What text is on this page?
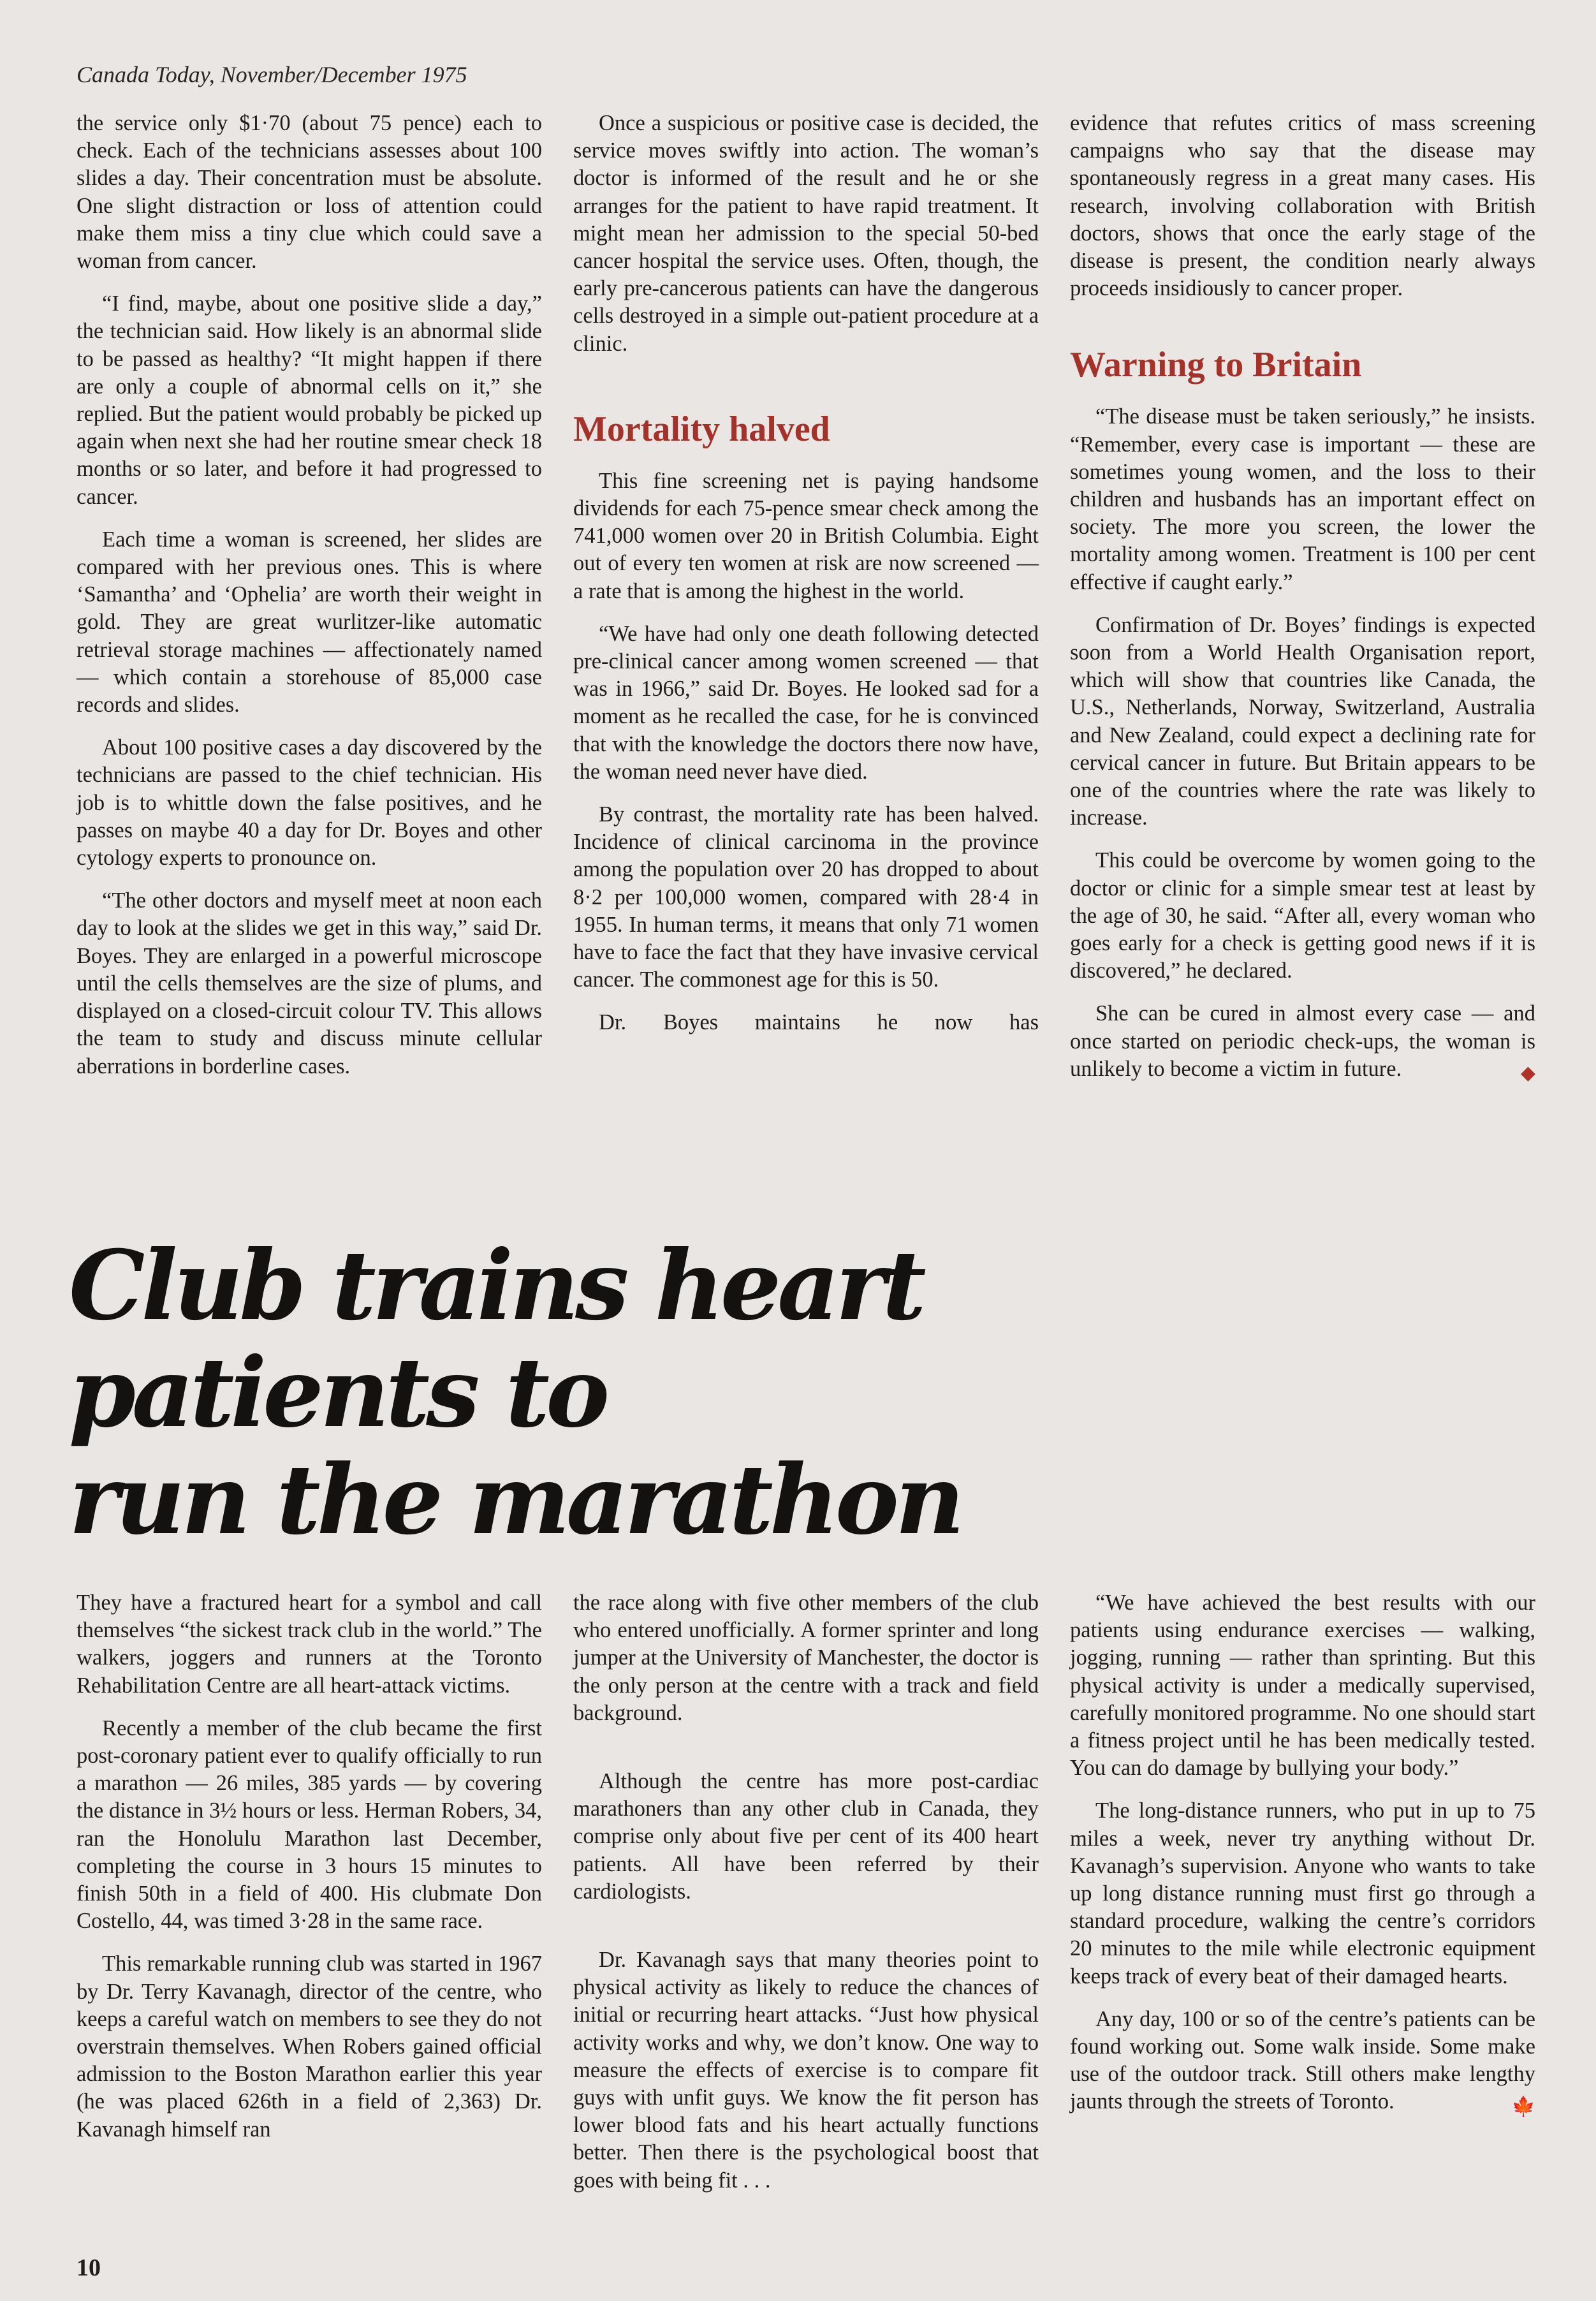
Canada Today, November/December 1975

the service only $1·70 (about 75 pence) each to check. Each of the technicians assesses about 100 slides a day. Their concentration must be absolute. One slight distraction or loss of attention could make them miss a tiny clue which could save a woman from cancer.

“I find, maybe, about one positive slide a day,” the technician said. How likely is an abnormal slide to be passed as healthy? “It might happen if there are only a couple of abnormal cells on it,” she replied. But the patient would probably be picked up again when next she had her routine smear check 18 months or so later, and before it had progressed to cancer.

Each time a woman is screened, her slides are compared with her previous ones. This is where ‘Samantha’ and ‘Ophelia’ are worth their weight in gold. They are great wurlitzer-like automatic retrieval storage machines — affectionately named — which contain a storehouse of 85,000 case records and slides.

About 100 positive cases a day discovered by the technicians are passed to the chief technician. His job is to whittle down the false positives, and he passes on maybe 40 a day for Dr. Boyes and other cytology experts to pronounce on.

“The other doctors and myself meet at noon each day to look at the slides we get in this way,” said Dr. Boyes. They are enlarged in a powerful microscope until the cells themselves are the size of plums, and displayed on a closed-circuit colour TV. This allows the team to study and discuss minute cellular aberrations in borderline cases.

Once a suspicious or positive case is decided, the service moves swiftly into action. The woman’s doctor is informed of the result and he or she arranges for the patient to have rapid treatment. It might mean her admission to the special 50-bed cancer hospital the service uses. Often, though, the early pre-cancerous patients can have the dangerous cells destroyed in a simple out-patient procedure at a clinic.

Mortality halved

This fine screening net is paying handsome dividends for each 75-pence smear check among the 741,000 women over 20 in British Columbia. Eight out of every ten women at risk are now screened — a rate that is among the highest in the world.

“We have had only one death following detected pre-clinical cancer among women screened — that was in 1966,” said Dr. Boyes. He looked sad for a moment as he recalled the case, for he is convinced that with the knowledge the doctors there now have, the woman need never have died.

By contrast, the mortality rate has been halved. Incidence of clinical carcinoma in the province among the population over 20 has dropped to about 8·2 per 100,000 women, compared with 28·4 in 1955. In human terms, it means that only 71 women have to face the fact that they have invasive cervical cancer. The commonest age for this is 50.

Dr. Boyes maintains he now has

evidence that refutes critics of mass screening campaigns who say that the disease may spontaneously regress in a great many cases. His research, involving collaboration with British doctors, shows that once the early stage of the disease is present, the condition nearly always proceeds insidiously to cancer proper.

Warning to Britain

“The disease must be taken seriously,” he insists. “Remember, every case is important — these are sometimes young women, and the loss to their children and husbands has an important effect on society. The more you screen, the lower the mortality among women. Treatment is 100 per cent effective if caught early.”

Confirmation of Dr. Boyes’ findings is expected soon from a World Health Organisation report, which will show that countries like Canada, the U.S., Netherlands, Norway, Switzerland, Australia and New Zealand, could expect a declining rate for cervical cancer in future. But Britain appears to be one of the countries where the rate was likely to increase.

This could be overcome by women going to the doctor or clinic for a simple smear test at least by the age of 30, he said. “After all, every woman who goes early for a check is getting good news if it is discovered,” he declared.

She can be cured in almost every case — and once started on periodic check-ups, the woman is unlikely to become a victim in future.	◆

Club trains heart patients to
run the marathon

They have a fractured heart for a symbol and call themselves “the sickest track club in the world.” The walkers, joggers and runners at the Toronto Rehabilitation Centre are all heart-attack victims.

Recently a member of the club became the first post-coronary patient ever to qualify officially to run a marathon — 26 miles, 385 yards — by covering the distance in 3½ hours or less. Herman Robers, 34, ran the Honolulu Marathon last December, completing the course in 3 hours 15 minutes to finish 50th in a field of 400. His clubmate Don Costello, 44, was timed 3·28 in the same race.

This remarkable running club was started in 1967 by Dr. Terry Kavanagh, director of the centre, who keeps a careful watch on members to see they do not overstrain themselves. When Robers gained official admission to the Boston Marathon earlier this year (he was placed 626th in a field of 2,363) Dr. Kavanagh himself ran

the race along with five other members of the club who entered unofficially. A former sprinter and long jumper at the University of Manchester, the doctor is the only person at the centre with a track and field background.

Although the centre has more post-cardiac marathoners than any other club in Canada, they comprise only about five per cent of its 400 heart patients. All have been referred by their cardiologists.

Dr. Kavanagh says that many theories point to physical activity as likely to reduce the chances of initial or recurring heart attacks. “Just how physical activity works and why, we don’t know. One way to measure the effects of exercise is to compare fit guys with unfit guys. We know the fit person has lower blood fats and his heart actually functions better. Then there is the psychological boost that goes with being fit . . .

“We have achieved the best results with our patients using endurance exercises — walking, jogging, running — rather than sprinting. But this physical activity is under a medically supervised, carefully monitored programme. No one should start a fitness project until he has been medically tested. You can do damage by bullying your body.”

The long-distance runners, who put in up to 75 miles a week, never try anything without Dr. Kavanagh’s supervision. Anyone who wants to take up long distance running must first go through a standard procedure, walking the centre’s corridors 20 minutes to the mile while electronic equipment keeps track of every beat of their damaged hearts.

Any day, 100 or so of the centre’s patients can be found working out. Some walk inside. Some make use of the outdoor track. Still others make lengthy jaunts through the streets of Toronto.	🍁

10
